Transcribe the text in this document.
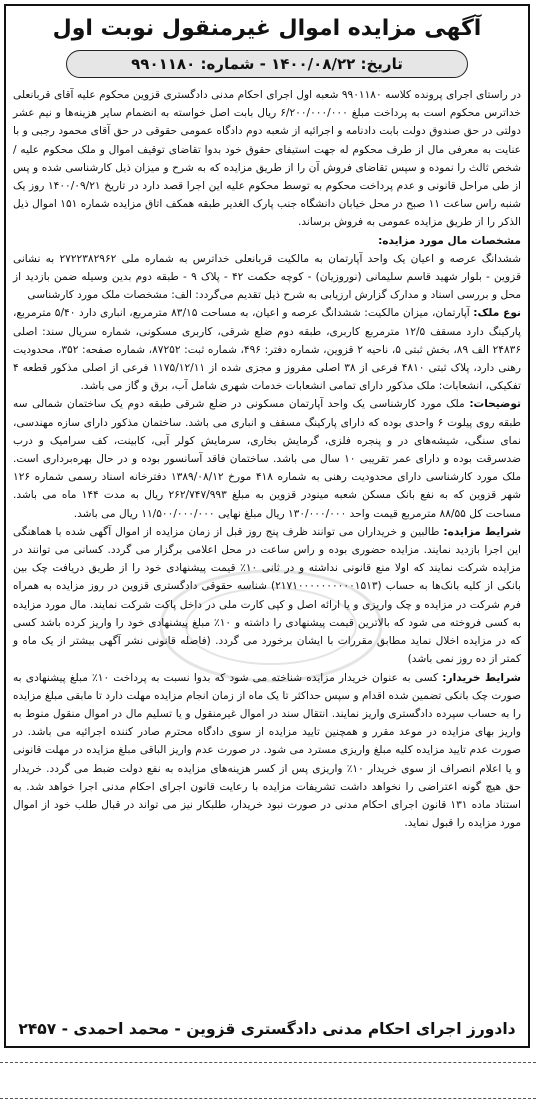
آگهی مزایده اموال غیرمنقول نوبت اول
تاریخ: ۱۴۰۰/۰۸/۲۲ - شماره: ۹۹۰۱۱۸۰

در راستای اجرای پرونده کلاسه ۹۹۰۱۱۸۰ شعبه اول اجرای احکام مدنی دادگستری قزوین محکوم علیه آقای قربانعلی خداترس محکوم است به پرداخت مبلغ ۶/۲۰۰/۰۰۰/۰۰۰ ریال بابت اصل خواسته به انضمام سایر هزینه‌ها و نیم عشر دولتی در حق صندوق دولت بابت دادنامه و اجرائیه از شعبه دوم دادگاه عمومی حقوقی در حق آقای محمود رجبی و با عنایت به معرفی مال از طرف محکوم له جهت استیفای حقوق خود بدوا تقاضای توقیف اموال و ملک محکوم علیه / شخص ثالث را نموده و سپس تقاضای فروش آن را از طریق مزایده که به شرح و میزان ذیل کارشناسی شده و پس از طی مراحل قانونی و عدم پرداخت محکوم به توسط محکوم علیه این اجرا قصد دارد در تاریخ ۱۴۰۰/۰۹/۲۱ روز یک شنبه راس ساعت ۱۱ صبح در محل خیابان دانشگاه جنب پارک الغدیر طبقه همکف اتاق مزایده شماره ۱۵۱ اموال ذیل الذکر را از طریق مزایده عمومی به فروش برساند.

مشخصات مال مورد مزایده:

ششدانگ عرصه و اعیان یک واحد آپارتمان به مالکیت قربانعلی خداترس به شماره ملی ۲۷۲۲۳۸۲۹۶۲ به نشانی قزوین - بلوار شهید قاسم سلیمانی (نوروزیان) - کوچه حکمت ۴۲ - پلاک ۹ - طبقه دوم بدین وسیله ضمن بازدید از محل و بررسی اسناد و مدارک گزارش ارزیابی به شرح ذیل تقدیم می‌گردد: الف: مشخصات ملک مورد کارشناسی

نوع ملک: آپارتمان، میزان مالکیت: ششدانگ عرصه و اعیان، به مساحت ۸۳/۱۵ مترمربع، انباری دارد ۵/۴۰ مترمربع، پارکینگ دارد مسقف ۱۲/۵ مترمربع کاربری، طبقه دوم ضلع شرقی، کاربری مسکونی، شماره سریال سند: اصلی ۲۴۸۳۶ الف ۸۹، بخش ثبتی ۵، ناحیه ۲ قزوین، شماره دفتر: ۴۹۶، شماره ثبت: ۸۷۲۵۲، شماره صفحه: ۳۵۲، محدودیت رهنی دارد، پلاک ثبتی ۴۸۱۰ فرعی از ۳۸ اصلی مفروز و مجزی شده از ۱۱۷۵/۱۲/۱۱ فرعی از اصلی مذکور قطعه ۴ تفکیکی، انشعابات: ملک مذکور دارای تمامی انشعابات خدمات شهری شامل آب، برق و گاز می باشد.

توضیحات: ملک مورد کارشناسی یک واحد آپارتمان مسکونی در ضلع شرقی طبقه دوم یک ساختمان شمالی سه طبقه روی پیلوت ۶ واحدی بوده که دارای پارکینگ مسقف و انباری می باشد. ساختمان مذکور دارای سازه مهندسی، نمای سنگی، شیشه‌های در و پنجره فلزی، گرمایش بخاری، سرمایش کولر آبی، کابینت، کف سرامیک و درب ضدسرقت بوده و دارای عمر تقریبی ۱۰ سال می باشد. ساختمان فاقد آسانسور بوده و در حال بهره‌برداری است. ملک مورد کارشناسی دارای محدودیت رهنی به شماره ۴۱۸ مورخ ۱۳۸۹/۰۸/۱۲ دفترخانه اسناد رسمی شماره ۱۲۶ شهر قزوین که به نفع بانک مسکن شعبه مینودر قزوین به مبلغ ۲۶۲/۷۴۷/۹۹۳ ریال به مدت ۱۴۴ ماه می باشد. مساحت کل ۸۸/۵۵ مترمربع قیمت واحد ۱۳۰/۰۰۰/۰۰۰ ریال مبلغ نهایی ۱۱/۵۰۰/۰۰۰/۰۰۰ ریال می باشد.

شرایط مزایده: طالبین و خریداران می توانند ظرف پنج روز قبل از زمان مزایده از اموال آگهی شده با هماهنگی این اجرا بازدید نمایند. مزایده حضوری بوده و راس ساعت در محل اعلامی برگزار می گردد. کسانی می توانند در مزایده شرکت نمایند که اولا منع قانونی نداشته و در ثانی ۱۰٪ قیمت پیشنهادی خود را از طریق دریافت چک بین بانکی از کلیه بانک‌ها به حساب (۲۱۷۱۰۰۰۰۰۰۰۰۰۰۱۵۱۳) شناسه حقوقی دادگستری قزوین در روز مزایده به همراه فرم شرکت در مزایده و چک واریزی و یا ارائه اصل و کپی کارت ملی در داخل پاکت شرکت نمایند. مال مورد مزایده به کسی فروخته می شود که بالاترین قیمت پیشنهادی را داشته و ۱۰٪ مبلغ پیشنهادی خود را واریز کرده باشد کسی که در مزایده اخلال نماید مطابق مقررات با ایشان برخورد می گردد. (فاصله قانونی نشر آگهی بیشتر از یک ماه و کمتر از ده روز نمی باشد)

شرایط خریدار: کسی به عنوان خریدار مزایده شناخته می شود که بدوا نسبت به پرداخت ۱۰٪ مبلغ پیشنهادی به صورت چک بانکی تضمین شده اقدام و سپس حداکثر تا یک ماه از زمان انجام مزایده مهلت دارد تا مابقی مبلغ مزایده را به حساب سپرده دادگستری واریز نمایند. انتقال سند در اموال غیرمنقول و یا تسلیم مال در اموال منقول منوط به واریز بهای مزایده در موعد مقرر و همچنین تایید مزایده از سوی دادگاه محترم صادر کننده اجرائیه می باشد. در صورت عدم تایید مزایده کلیه مبلغ واریزی مسترد می شود. در صورت عدم واریز الباقی مبلغ مزایده در مهلت قانونی و یا اعلام انصراف از سوی خریدار ۱۰٪ واریزی پس از کسر هزینه‌های مزایده به نفع دولت ضبط می گردد. خریدار حق هیچ گونه اعتراضی را نخواهد داشت تشریفات مزایده با رعایت قانون اجرای احکام مدنی اجرا خواهد شد. به استناد ماده ۱۳۱ قانون اجرای احکام مدنی در صورت نبود خریدار، طلبکار نیز می تواند در قبال طلب خود از اموال مورد مزایده را قبول نماید.

دادورز اجرای احکام مدنی دادگستری قزوین - محمد احمدی - ۲۴۵۷
